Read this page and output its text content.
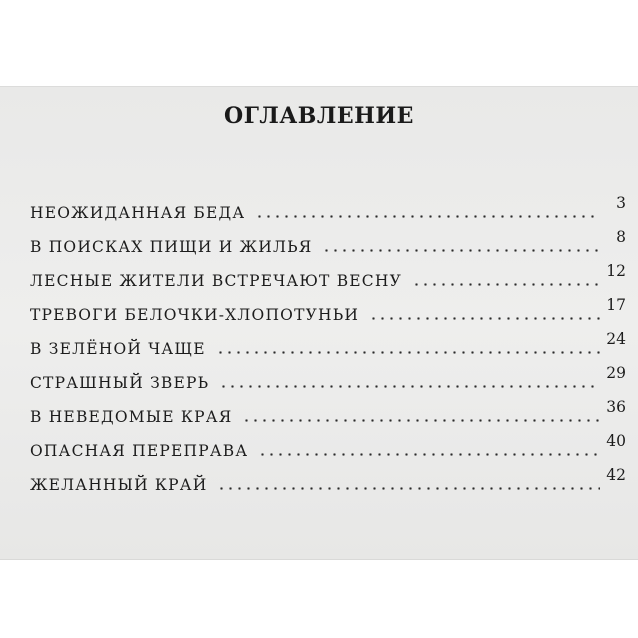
ОГЛАВЛЕНИЕ
НЕОЖИДАННАЯ БЕДА
3
В ПОИСКАХ ПИЩИ И ЖИЛЬЯ
8
ЛЕСНЫЕ ЖИТЕЛИ ВСТРЕЧАЮТ ВЕСНУ
12
ТРЕВОГИ БЕЛОЧКИ-ХЛОПОТУНЬИ
17
В ЗЕЛЁНОЙ ЧАЩЕ
24
СТРАШНЫЙ ЗВЕРЬ
29
В НЕВЕДОМЫЕ КРАЯ
36
ОПАСНАЯ ПЕРЕПРАВА
40
ЖЕЛАННЫЙ КРАЙ
42
